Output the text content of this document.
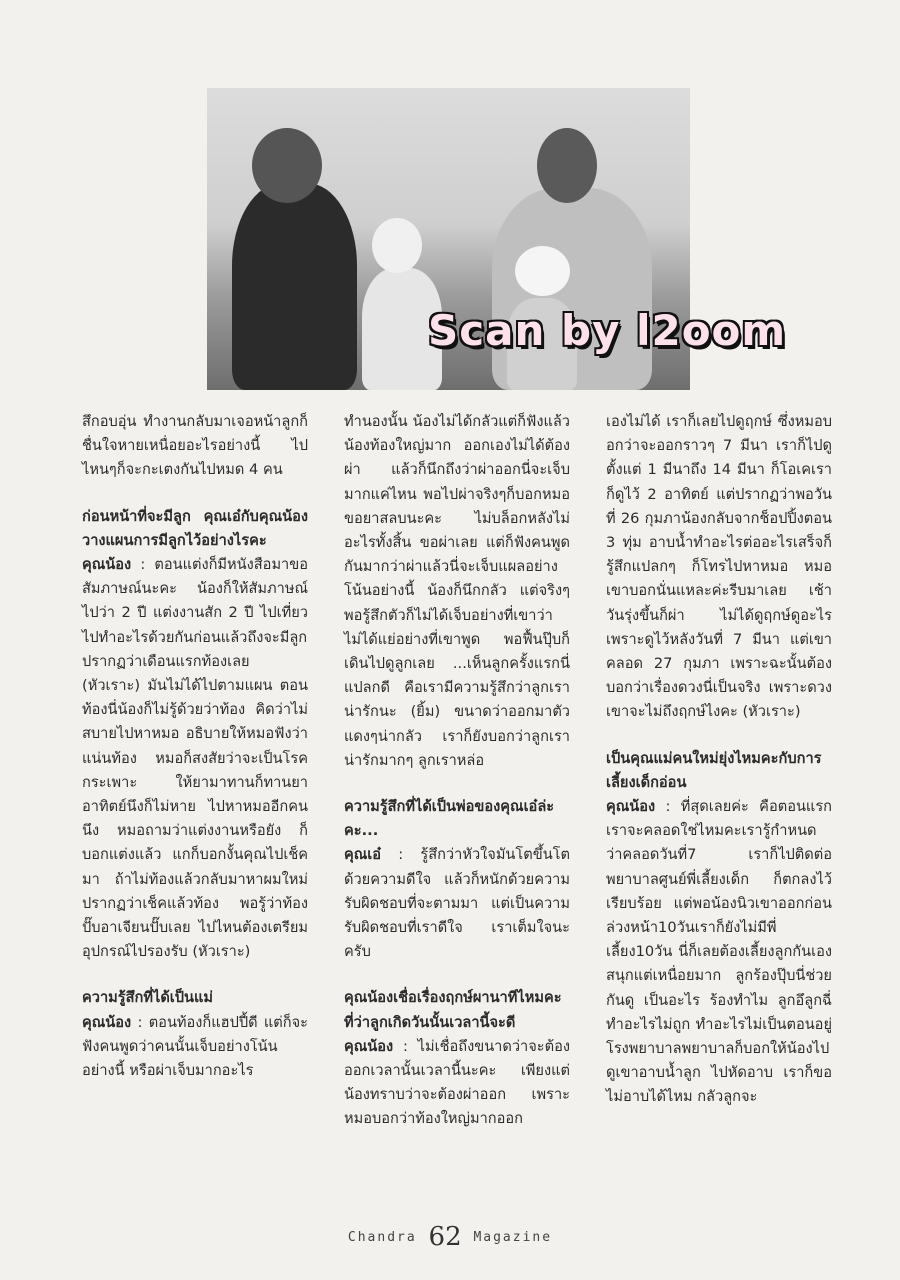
Scan by l2oom

สึกอบอุ่น ทำงานกลับมาเจอหน้าลูกก็ชื่นใจหายเหนื่อยอะไรอย่างนี้ ไปไหนๆก็จะกะเตงกันไปหมด 4 คน

ก่อนหน้าที่จะมีลูก คุณเอ๋กับคุณน้องวางแผนการมีลูกไว้อย่างไรคะ

คุณน้อง : ตอนแต่งก็มีหนังสือมาขอสัมภาษณ์นะคะ น้องก็ให้สัมภาษณ์ไปว่า 2 ปี แต่งงานสัก 2 ปี ไปเที่ยวไปทำอะไรด้วยกันก่อนแล้วถึงจะมีลูก ปรากฏว่าเดือนแรกท้องเลย (หัวเราะ) มันไม่ได้ไปตามแผน ตอนท้องนี่น้องก็ไม่รู้ด้วยว่าท้อง คิดว่าไม่สบายไปหาหมอ อธิบายให้หมอฟังว่าแน่นท้อง หมอก็สงสัยว่าจะเป็นโรคกระเพาะ ให้ยามาทานก็ทานยาอาทิตย์นึงก็ไม่หาย ไปหาหมออีกคนนึง หมอถามว่าแต่งงานหรือยัง ก็บอกแต่งแล้ว แกก็บอกงั้นคุณไปเช็คมา ถ้าไม่ท้องแล้วกลับมาหาผมใหม่ ปรากฏว่าเช็คแล้วท้อง พอรู้ว่าท้องปั๊บอาเจียนปั๊บเลย ไปไหนต้องเตรียมอุปกรณ์ไปรองรับ (หัวเราะ)

ความรู้สึกที่ได้เป็นแม่

คุณน้อง : ตอนท้องก็แฮปปี้ดี แต่ก็จะฟังคนพูดว่าคนนั้นเจ็บอย่างโน้นอย่างนี้ หรือผ่าเจ็บมากอะไร

ทำนองนั้น น้องไม่ได้กลัวแต่ก็ฟังแล้วน้องท้องใหญ่มาก ออกเองไม่ได้ต้องผ่า แล้วก็นึกถึงว่าผ่าออกนี่จะเจ็บมากแค่ไหน พอไปผ่าจริงๆก็บอกหมอขอยาสลบนะคะ ไม่บล็อกหลังไม่อะไรทั้งสิ้น ขอผ่าเลย แต่ก็ฟังคนพูดกันมากว่าผ่าแล้วนี่จะเจ็บแผลอย่างโน้นอย่างนี้ น้องก็นึกกลัว แต่จริงๆพอรู้สึกตัวก็ไม่ได้เจ็บอย่างที่เขาว่า ไม่ได้แย่อย่างที่เขาพูด พอฟื้นปุ๊บก็เดินไปดูลูกเลย ...เห็นลูกครั้งแรกนี่แปลกดี คือเรามีความรู้สึกว่าลูกเราน่ารักนะ (ยิ้ม) ขนาดว่าออกมาตัวแดงๆน่ากลัว เราก็ยังบอกว่าลูกเราน่ารักมากๆ ลูกเราหล่อ

ความรู้สึกที่ได้เป็นพ่อของคุณเอ๋ล่ะคะ...

คุณเอ๋ : รู้สึกว่าหัวใจมันโตขึ้นโตด้วยความดีใจ แล้วก็หนักด้วยความรับผิดชอบที่จะตามมา แต่เป็นความรับผิดชอบที่เราดีใจ เราเต็มใจนะครับ

คุณน้องเชื่อเรื่องฤกษ์ผานาทีไหมคะที่ว่าลูกเกิดวันนั้นเวลานี้จะดี

คุณน้อง : ไม่เชื่อถึงขนาดว่าจะต้องออกเวลานั้นเวลานี้นะคะ เพียงแต่น้องทราบว่าจะต้องผ่าออก เพราะหมอบอกว่าท้องใหญ่มากออก

เองไม่ได้ เราก็เลยไปดูฤกษ์ ซึ่งหมอบอกว่าจะออกราวๆ 7 มีนา เราก็ไปดูตั้งแต่ 1 มีนาถึง 14 มีนา ก็โอเคเราก็ดูไว้ 2 อาทิตย์ แต่ปรากฏว่าพอวันที่ 26 กุมภาน้องกลับจากช็อปปิ้งตอน 3 ทุ่ม อาบน้ำทำอะไรต่ออะไรเสร็จก็รู้สึกแปลกๆ ก็โทรไปหาหมอ หมอเขาบอกนั่นแหละค่ะรีบมาเลย เช้าวันรุ่งขึ้นก็ผ่า ไม่ได้ดูฤกษ์ดูอะไร เพราะดูไว้หลังวันที่ 7 มีนา แต่เขาคลอด 27 กุมภา เพราะฉะนั้นต้องบอกว่าเรื่องดวงนี่เป็นจริง เพราะดวงเขาจะไม่ถึงฤกษ์ไงคะ (หัวเราะ)

เป็นคุณแม่คนใหม่ยุ่งไหมคะกับการเลี้ยงเด็กอ่อน

คุณน้อง : ที่สุดเลยค่ะ คือตอนแรกเราจะคลอดใช่ไหมคะเรารู้กำหนดว่าคลอดวันที่7 เราก็ไปติดต่อพยาบาลศูนย์พี่เลี้ยงเด็ก ก็ตกลงไว้เรียบร้อย แต่พอน้องนิวเขาออกก่อนล่วงหน้า10วันเราก็ยังไม่มีพี่เลี้ยง10วัน นี่ก็เลยต้องเลี้ยงลูกกันเอง สนุกแต่เหนื่อยมาก ลูกร้องปุ๊บนี่ช่วยกันดู เป็นอะไร ร้องทำไม ลูกอึลูกฉี่ทำอะไรไม่ถูก ทำอะไรไม่เป็นตอนอยู่โรงพยาบาลพยาบาลก็บอกให้น้องไปดูเขาอาบน้ำลูก ไปหัดอาบ เราก็ขอไม่อาบได้ไหม กลัวลูกจะ

Chandra 62 Magazine
